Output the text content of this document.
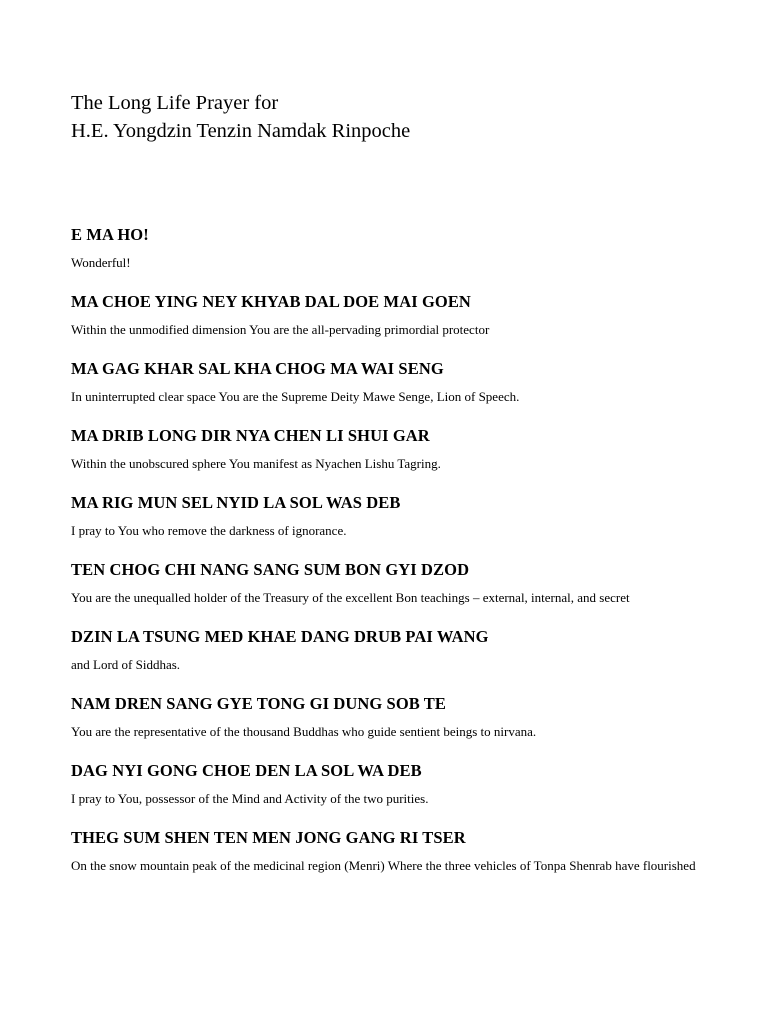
The Long Life Prayer for
H.E. Yongdzin Tenzin Namdak Rinpoche
E MA HO!
Wonderful!
MA CHOE YING NEY KHYAB DAL DOE MAI GOEN
Within the unmodified dimension You are the all-pervading primordial protector
MA GAG KHAR SAL KHA CHOG MA WAI SENG
In uninterrupted clear space You are the Supreme Deity Mawe Senge, Lion of Speech.
MA DRIB LONG DIR NYA CHEN LI SHUI GAR
Within the unobscured sphere You manifest as Nyachen Lishu Tagring.
MA RIG MUN SEL NYID LA SOL WAS DEB
I pray to You who remove the darkness of ignorance.
TEN CHOG CHI NANG SANG SUM BON GYI DZOD
You are the unequalled holder of the Treasury of the excellent Bon teachings – external, internal, and secret
DZIN LA TSUNG MED KHAE DANG DRUB PAI WANG
and Lord of Siddhas.
NAM DREN SANG GYE TONG GI DUNG SOB TE
You are the representative of the thousand Buddhas who guide sentient beings to nirvana.
DAG NYI GONG CHOE DEN LA SOL WA DEB
I pray to You, possessor of the Mind and Activity of the two purities.
THEG SUM SHEN TEN MEN JONG GANG RI TSER
On the snow mountain peak of the medicinal region (Menri) Where the three vehicles of Tonpa Shenrab have flourished
